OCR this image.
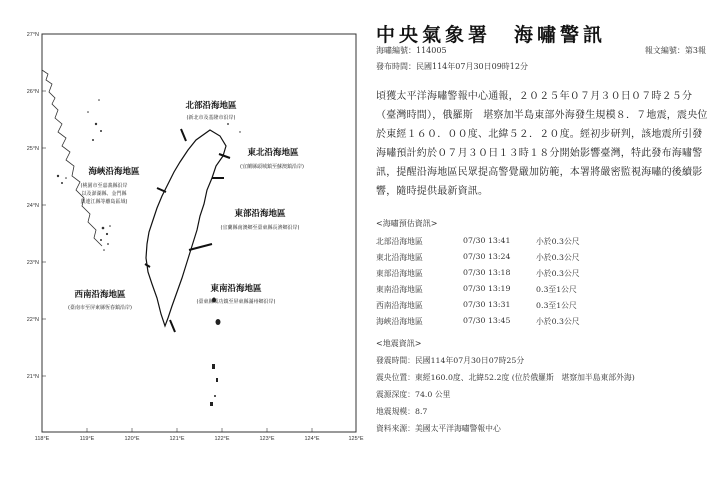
27°N
26°N
25°N
24°N
23°N
22°N
21°N
118°E	119°E	120°E	121°E	122°E	123°E	124°E	125°E
北部沿海地區
(新北市及基隆市沿岸)
東北沿海地區
(宜蘭縣頭城鎮至蘇澳鎮沿岸)
海峽沿海地區
(桃園市至嘉義縣沿岸
以及澎湖縣、金門縣
與連江縣等離島區域)
東部沿海地區
(宜蘭縣南澳鄉至臺東縣長濱鄉沿岸)
西南沿海地區
(臺南市至屏東縣恆春鎮沿岸)
東南沿海地區
(臺東縣成功鎮至屏東縣滿州鄉沿岸)
中央氣象署　海嘯警訊
海嘯編號：114005	報文編號：第3報
發布時間：民國114年07月30日09時12分
頃獲太平洋海嘯警報中心通報，２０２５年０７月３０日０７時２５分（臺灣時間），俄羅斯　堪察加半島東部外海發生規模８．７地震，震央位於東經１６０．００度、北緯５２．２０度。經初步研判，該地震所引發海嘯預計約於０７月３０日１３時１８分開始影響臺灣，特此發布海嘯警訊，提醒沿海地區民眾提高警覺嚴加防範，本署將嚴密監視海嘯的後續影響，隨時提供最新資訊。
<海嘯預估資訊>
北部沿海地區	07/30 13:41	小於0.3公尺
東北沿海地區	07/30 13:24	小於0.3公尺
東部沿海地區	07/30 13:18	小於0.3公尺
東南沿海地區	07/30 13:19	0.3至1公尺
西南沿海地區	07/30 13:31	0.3至1公尺
海峽沿海地區	07/30 13:45	小於0.3公尺
<地震資訊>
發震時間：民國114年07月30日07時25分
震央位置：東經160.0度、北緯52.2度 (位於俄羅斯　堪察加半島東部外海)
震源深度：74.0 公里
地震規模：8.7
資料來源：美國太平洋海嘯警報中心
